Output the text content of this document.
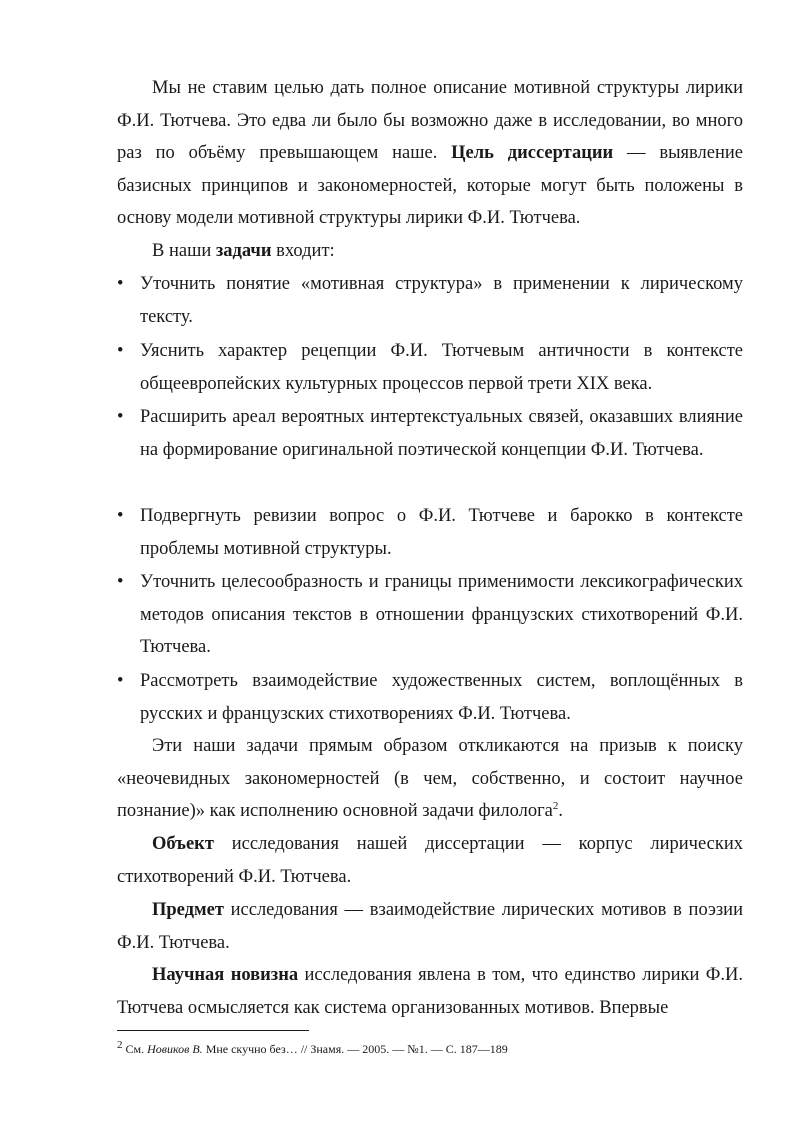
Мы не ставим целью дать полное описание мотивной структуры лирики Ф.И. Тютчева. Это едва ли было бы возможно даже в исследовании, во много раз по объёму превышающем наше. Цель диссертации — выявление базисных принципов и закономерностей, которые могут быть положены в основу модели мотивной структуры лирики Ф.И. Тютчева.

В наши задачи входит:

• Уточнить понятие «мотивная структура» в применении к лирическому тексту.
• Уяснить характер рецепции Ф.И. Тютчевым античности в контексте общеевропейских культурных процессов первой трети XIX века.
• Расширить ареал вероятных интертекстуальных связей, оказавших влияние на формирование оригинальной поэтической концепции Ф.И. Тютчева.
• Подвергнуть ревизии вопрос о Ф.И. Тютчеве и барокко в контексте проблемы мотивной структуры.
• Уточнить целесообразность и границы применимости лексикографических методов описания текстов в отношении французских стихотворений Ф.И. Тютчева.
• Рассмотреть взаимодействие художественных систем, воплощённых в русских и французских стихотворениях Ф.И. Тютчева.

Эти наши задачи прямым образом откликаются на призыв к поиску «неочевидных закономерностей (в чем, собственно, и состоит научное познание)» как исполнению основной задачи филолога$^2$.

Объект исследования нашей диссертации — корпус лирических стихотворений Ф.И. Тютчева.

Предмет исследования — взаимодействие лирических мотивов в поэзии Ф.И. Тютчева.

Научная новизна исследования явлена в том, что единство лирики Ф.И. Тютчева осмысляется как система организованных мотивов. Впервые

$^2$ См. Новиков В. Мне скучно без… // Знамя. — 2005. — №1. — С. 187—189
